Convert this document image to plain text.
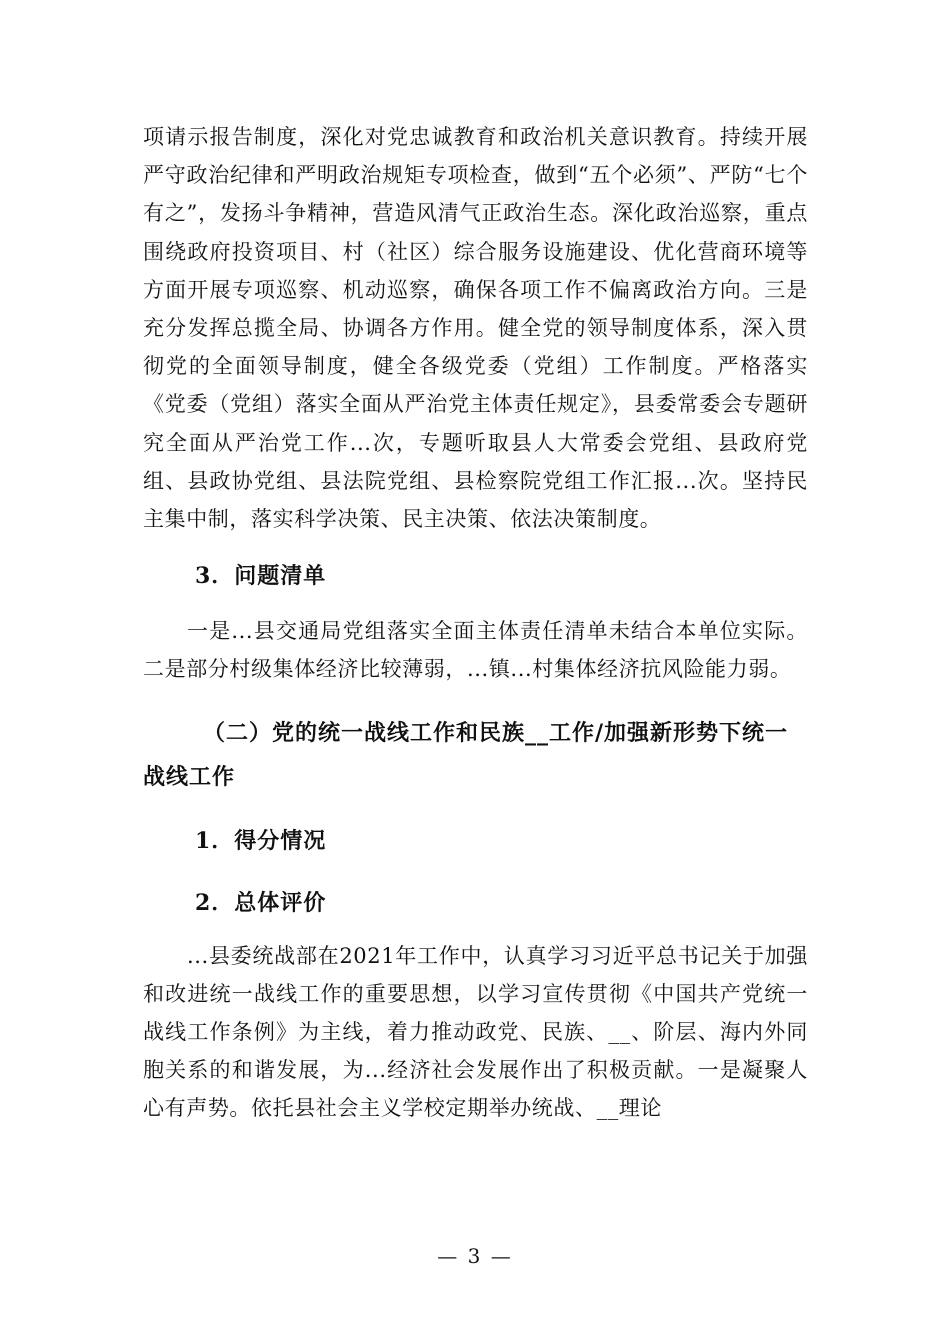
项请示报告制度，深化对党忠诚教育和政治机关意识教育。持续开展严守政治纪律和严明政治规矩专项检查，做到“五个必须”、严防“七个有之”，发扬斗争精神，营造风清气正政治生态。深化政治巡察，重点围绕政府投资项目、村（社区）综合服务设施建设、优化营商环境等方面开展专项巡察、机动巡察，确保各项工作不偏离政治方向。三是充分发挥总揽全局、协调各方作用。健全党的领导制度体系，深入贯彻党的全面领导制度，健全各级党委（党组）工作制度。严格落实《党委（党组）落实全面从严治党主体责任规定》，县委常委会专题研究全面从严治党工作...次，专题听取县人大常委会党组、县政府党组、县政协党组、县法院党组、县检察院党组工作汇报...次。坚持民主集中制，落实科学决策、民主决策、依法决策制度。

3．问题清单

一是...县交通局党组落实全面主体责任清单未结合本单位实际。二是部分村级集体经济比较薄弱，...镇...村集体经济抗风险能力弱。

（二）党的统一战线工作和民族__工作/加强新形势下统一战线工作

1．得分情况

2．总体评价

...县委统战部在2021年工作中，认真学习习近平总书记关于加强和改进统一战线工作的重要思想，以学习宣传贯彻《中国共产党统一战线工作条例》为主线，着力推动政党、民族、__、阶层、海内外同胞关系的和谐发展，为...经济社会发展作出了积极贡献。一是凝聚人心有声势。依托县社会主义学校定期举办统战、__理论

— 3 —
